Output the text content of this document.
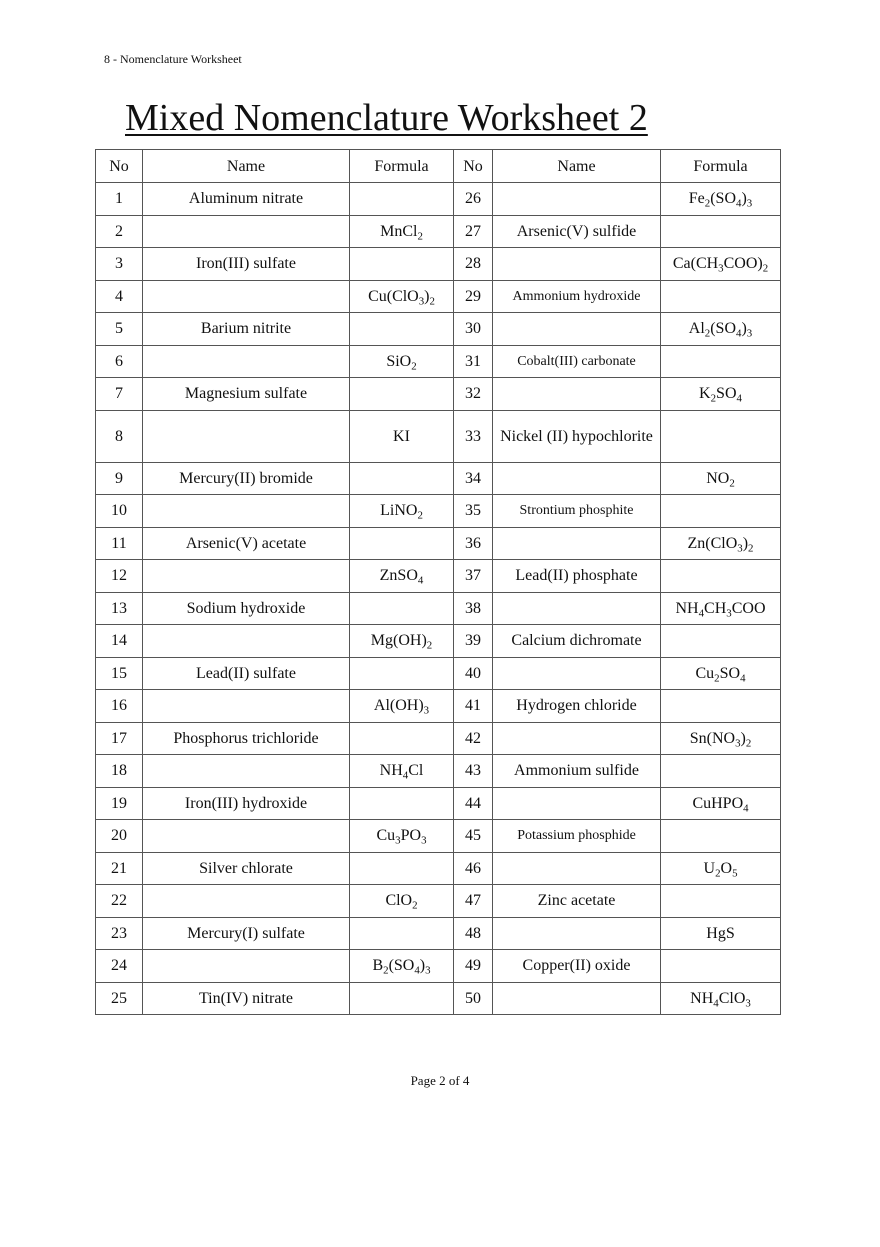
8 - Nomenclature Worksheet
Mixed Nomenclature Worksheet 2
No	Name	Formula	No	Name	Formula
1	Aluminum nitrate		26		$Fe_2(SO_4)_3$
2		MnCl$_2$	27	Arsenic(V) sulfide	
3	Iron(III) sulfate		28		$Ca(CH_3COO)_2$
4		$Cu(ClO_3)_2$	29	Ammonium hydroxide	
5	Barium nitrite		30		$Al_2(SO_4)_3$
6		SiO$_2$	31	Cobalt(III) carbonate	
7	Magnesium sulfate		32		$K_2SO_4$
8		KI	33	Nickel (II) hypochlorite	
9	Mercury(II) bromide		34		$NO_2$
10		LiNO$_2$	35	Strontium phosphite	
11	Arsenic(V) acetate		36		$Zn(ClO_3)_2$
12		ZnSO$_4$	37	Lead(II) phosphate	
13	Sodium hydroxide		38		$NH_4CH_3COO$
14		$Mg(OH)_2$	39	Calcium dichromate	
15	Lead(II) sulfate		40		$Cu_2SO_4$
16		$Al(OH)_3$	41	Hydrogen chloride	
17	Phosphorus trichloride		42		$Sn(NO_3)_2$
18		$NH_4Cl$	43	Ammonium sulfide	
19	Iron(III) hydroxide		44		CuHPO$_4$
20		$Cu_3PO_3$	45	Potassium phosphide	
21	Silver chlorate		46		$U_2O_5$
22		ClO$_2$	47	Zinc acetate	
23	Mercury(I) sulfate		48		HgS
24		$B_2(SO_4)_3$	49	Copper(II) oxide	
25	Tin(IV) nitrate		50		$NH_4ClO_3$
Page 2 of 4
